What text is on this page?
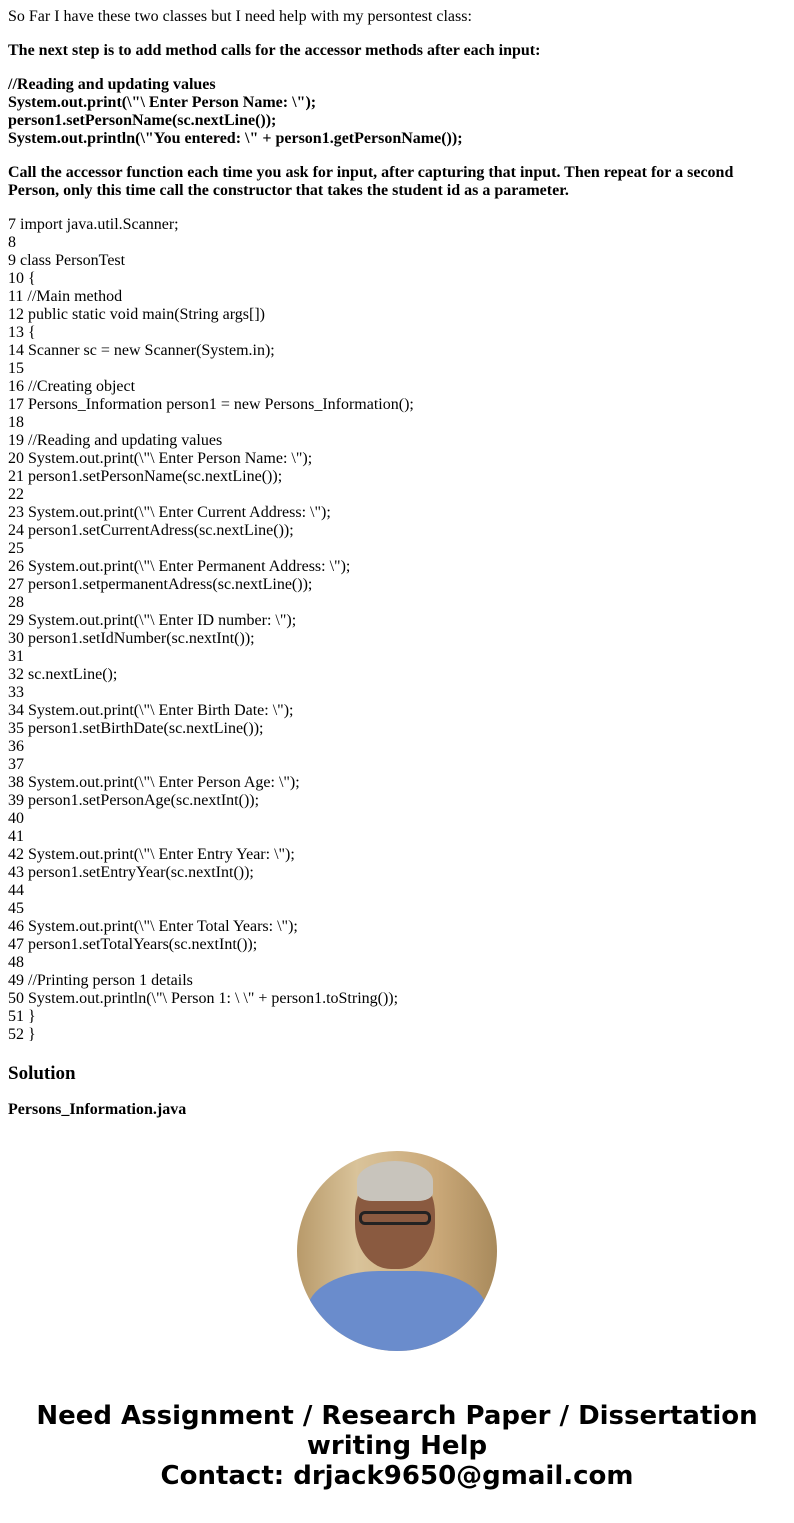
So Far I have these two classes but I need help with my persontest class:

The next step is to add method calls for the accessor methods after each input:

//Reading and updating values
System.out.print(\"\ Enter Person Name: \");
person1.setPersonName(sc.nextLine());
System.out.println(\"You entered: \" + person1.getPersonName());

Call the accessor function each time you ask for input, after capturing that input. Then repeat for a second Person, only this time call the constructor that takes the student id as a parameter.

7 import java.util.Scanner;
8
9 class PersonTest
10 {
11 //Main method
12 public static void main(String args[])
13 {
14 Scanner sc = new Scanner(System.in);
15
16 //Creating object
17 Persons_Information person1 = new Persons_Information();
18
19 //Reading and updating values
20 System.out.print(\"\ Enter Person Name: \");
21 person1.setPersonName(sc.nextLine());
22
23 System.out.print(\"\ Enter Current Address: \");
24 person1.setCurrentAdress(sc.nextLine());
25
26 System.out.print(\"\ Enter Permanent Address: \");
27 person1.setpermanentAdress(sc.nextLine());
28
29 System.out.print(\"\ Enter ID number: \");
30 person1.setIdNumber(sc.nextInt());
31
32 sc.nextLine();
33
34 System.out.print(\"\ Enter Birth Date: \");
35 person1.setBirthDate(sc.nextLine());
36
37
38 System.out.print(\"\ Enter Person Age: \");
39 person1.setPersonAge(sc.nextInt());
40
41
42 System.out.print(\"\ Enter Entry Year: \");
43 person1.setEntryYear(sc.nextInt());
44
45
46 System.out.print(\"\ Enter Total Years: \");
47 person1.setTotalYears(sc.nextInt());
48
49 //Printing person 1 details
50 System.out.println(\"\ Person 1: \ \" + person1.toString());
51 }
52 }
Solution
Persons_Information.java
Need Assignment / Research Paper / Dissertation
writing Help
Contact: drjack9650@gmail.com
